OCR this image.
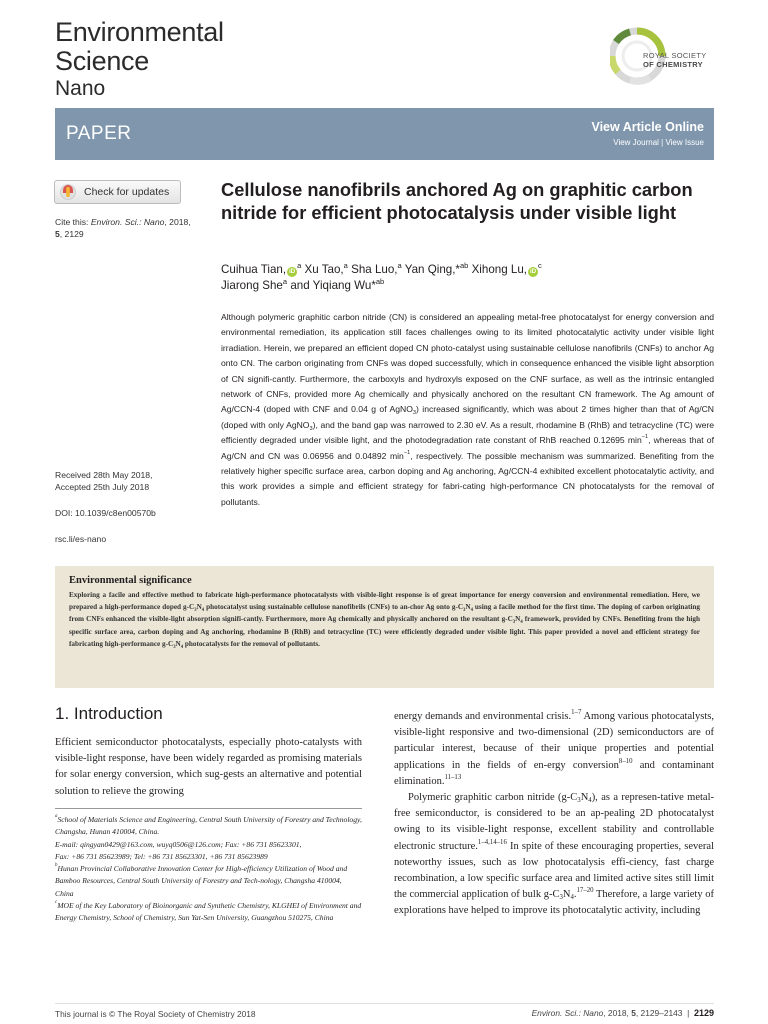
Environmental
Science
Nano
ROYAL SOCIETY
OF CHEMISTRY
PAPER	View Article Online
View Journal | View Issue
Check for updates
Cite this: Environ. Sci.: Nano, 2018,
5, 2129
Received 28th May 2018,
Accepted 25th July 2018
DOI: 10.1039/c8en00570b
rsc.li/es-nano
Cellulose nanofibrils anchored Ag on graphitic carbon nitride for efficient photocatalysis under visible light
Cuihua Tian, $iD^a$ Xu Tao,$^a$ Sha Luo,$^a$ Yan Qing,*$^{ab}$ Xihong Lu, $iD^c$
Jiarong She$^a$ and Yiqiang Wu*$^{ab}$
Although polymeric graphitic carbon nitride (CN) is considered an appealing metal-free photocatalyst for energy conversion and environmental remediation, its application still faces challenges owing to its limited photocatalytic activity under visible light irradiation. Herein, we prepared an efficient doped CN photo-catalyst using sustainable cellulose nanofibrils (CNFs) to anchor Ag onto CN. The carbon originating from CNFs was doped successfully, which in consequence enhanced the visible light absorption of CN signifi-cantly. Furthermore, the carboxyls and hydroxyls exposed on the CNF surface, as well as the intrinsic entangled network of CNFs, provided more Ag chemically and physically anchored on the resultant CN framework. The Ag amount of Ag/CCN-4 (doped with CNF and 0.04 g of AgNO$_3$) increased significantly, which was about 2 times higher than that of Ag/CN (doped with only AgNO$_3$), and the band gap was narrowed to 2.30 eV. As a result, rhodamine B (RhB) and tetracycline (TC) were efficiently degraded under visible light, and the photodegradation rate constant of RhB reached 0.12695 $\min^{-1}$, whereas that of Ag/CN and CN was 0.06956 and 0.04892 $\min^{-1}$, respectively. The possible mechanism was summarized. Benefiting from the relatively higher specific surface area, carbon doping and Ag anchoring, Ag/CCN-4 exhibited excellent photocatalytic activity, and this work provides a simple and efficient strategy for fabri-cating high-performance CN photocatalysts for the removal of pollutants.
Environmental significance
Exploring a facile and effective method to fabricate high-performance photocatalysts with visible-light response is of great importance for energy conversion and environmental remediation. Here, we prepared a high-performance doped $g-C_3N_4$ photocatalyst using sustainable cellulose nanofibrils (CNFs) to an-chor Ag onto $g-C_3N_4$ using a facile method for the first time. The doping of carbon originating from CNFs enhanced the visible-light absorption signifi-cantly. Furthermore, more Ag chemically and physically anchored on the resultant $g-C_3N_4$ framework, provided by CNFs. Benefiting from the high specific surface area, carbon doping and Ag anchoring, rhodamine B (RhB) and tetracycline (TC) were efficiently degraded under visible light. This paper provided a novel and efficient strategy for fabricating high-performance $g-C_3N_4$ photocatalysts for the removal of pollutants.
1. Introduction

Efficient semiconductor photocatalysts, especially photo-catalysts with visible-light response, have been widely regarded as promising materials for solar energy conversion, which sug-gests an alternative and potential solution to relieve the growing

energy demands and environmental crisis.$^{1-7}$ Among various photocatalysts, visible-light responsive and two-dimensional (2D) semiconductors are of particular interest, because of their unique properties and potential applications in the fields of en-ergy conversion$^{8-10}$ and contaminant elimination.$^{11-13}$

Polymeric graphitic carbon nitride $(g-C_3N_4)$, as a represen-tative metal-free semiconductor, is considered to be an ap-pealing 2D photocatalyst owing to its visible-light response, excellent stability and controllable electronic structure.$^{1-4,14-16}$ In spite of these encouraging properties, several noteworthy issues, such as low photocatalysis effi-ciency, fast charge recombination, a low specific surface area and limited active sites still limit the commercial application of bulk $g-C_3N_4.^{17-20}$ Therefore, a large variety of explorations have helped to improve its photocatalytic activity, including

$^a$School of Materials Science and Engineering, Central South University of Forestry and Technology, Changsha, Hunan 410004, China.
E-mail: qingyan0429@163.com, wuyq0506@126.com; Fax: +86 731 85623301,
Fax: +86 731 85623989; Tel: +86 731 85623301, +86 731 85623989
$^b$Hunan Provincial Collaborative Innovation Center for High-efficiency Utilization of Wood and Bamboo Resources, Central South University of Forestry and Tech-nology, Changsha 410004, China
$^c$MOE of the Key Laboratory of Bioinorganic and Synthetic Chemistry, KLGHEI of Environment and Energy Chemistry, School of Chemistry, Sun Yat-Sen University, Guangzhou 510275, China
This journal is © The Royal Society of Chemistry 2018	Environ. Sci.: Nano, 2018, 5, 2129–2143 | 2129
